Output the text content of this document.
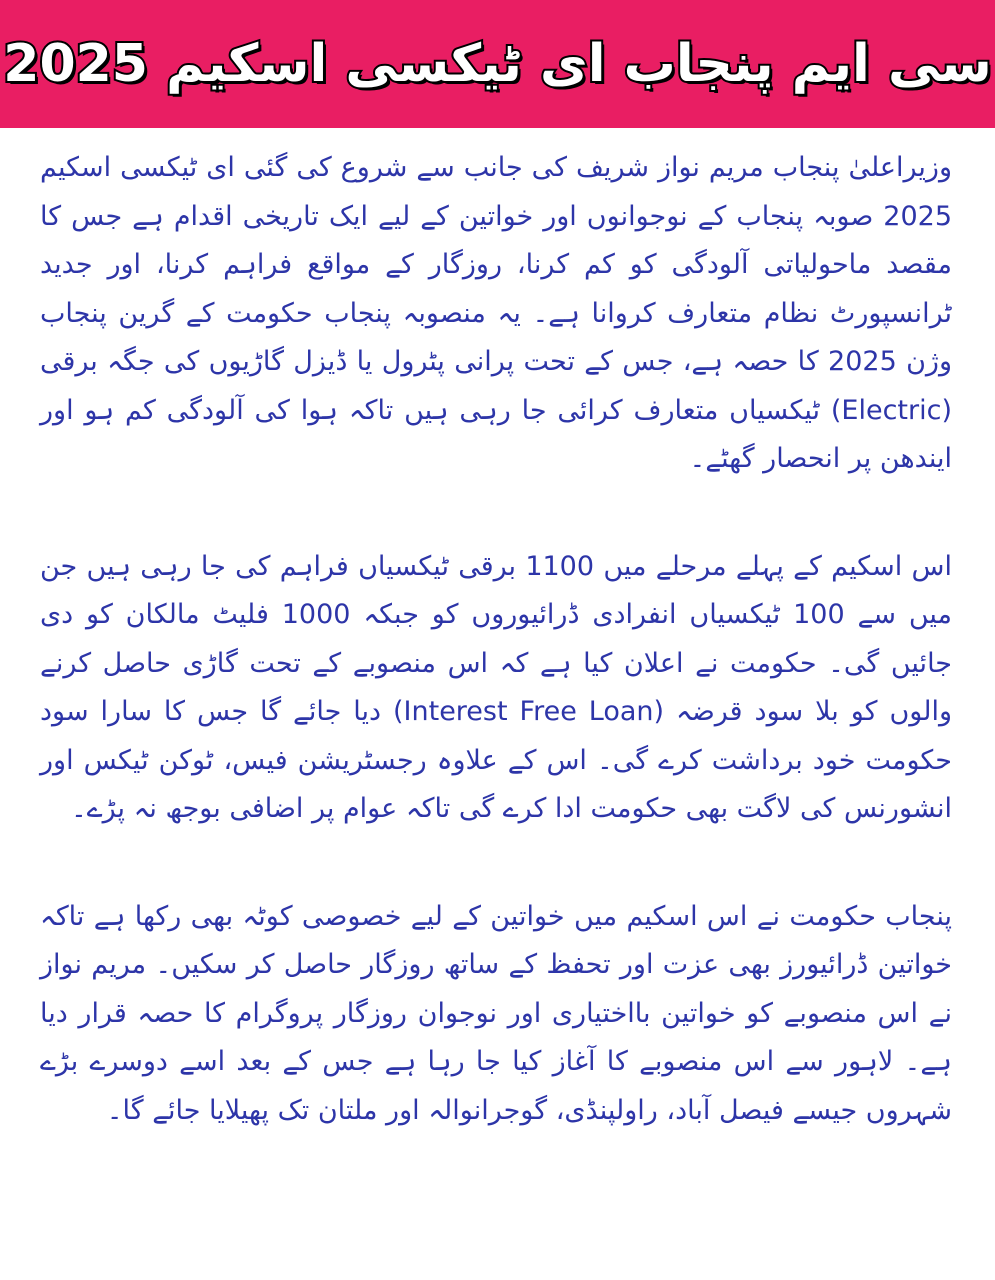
سی ایم پنجاب ای ٹیکسی اسکیم 2025

وزیراعلیٰ پنجاب مریم نواز شریف کی جانب سے شروع کی گئی ای ٹیکسی اسکیم 2025 صوبہ پنجاب کے نوجوانوں اور خواتین کے لیے ایک تاریخی اقدام ہے جس کا مقصد ماحولیاتی آلودگی کو کم کرنا، روزگار کے مواقع فراہم کرنا، اور جدید ٹرانسپورٹ نظام متعارف کروانا ہے۔ یہ منصوبہ پنجاب حکومت کے گرین پنجاب وژن 2025 کا حصہ ہے، جس کے تحت پرانی پٹرول یا ڈیزل گاڑیوں کی جگہ برقی (Electric) ٹیکسیاں متعارف کرائی جا رہی ہیں تاکہ ہوا کی آلودگی کم ہو اور ایندھن پر انحصار گھٹے۔

اس اسکیم کے پہلے مرحلے میں 1100 برقی ٹیکسیاں فراہم کی جا رہی ہیں جن میں سے 100 ٹیکسیاں انفرادی ڈرائیوروں کو جبکہ 1000 فلیٹ مالکان کو دی جائیں گی۔ حکومت نے اعلان کیا ہے کہ اس منصوبے کے تحت گاڑی حاصل کرنے والوں کو بلا سود قرضہ (Interest Free Loan) دیا جائے گا جس کا سارا سود حکومت خود برداشت کرے گی۔ اس کے علاوہ رجسٹریشن فیس، ٹوکن ٹیکس اور انشورنس کی لاگت بھی حکومت ادا کرے گی تاکہ عوام پر اضافی بوجھ نہ پڑے۔

پنجاب حکومت نے اس اسکیم میں خواتین کے لیے خصوصی کوٹہ بھی رکھا ہے تاکہ خواتین ڈرائیورز بھی عزت اور تحفظ کے ساتھ روزگار حاصل کر سکیں۔ مریم نواز نے اس منصوبے کو خواتین بااختیاری اور نوجوان روزگار پروگرام کا حصہ قرار دیا ہے۔ لاہور سے اس منصوبے کا آغاز کیا جا رہا ہے جس کے بعد اسے دوسرے بڑے شہروں جیسے فیصل آباد، راولپنڈی، گوجرانوالہ اور ملتان تک پھیلایا جائے گا۔
